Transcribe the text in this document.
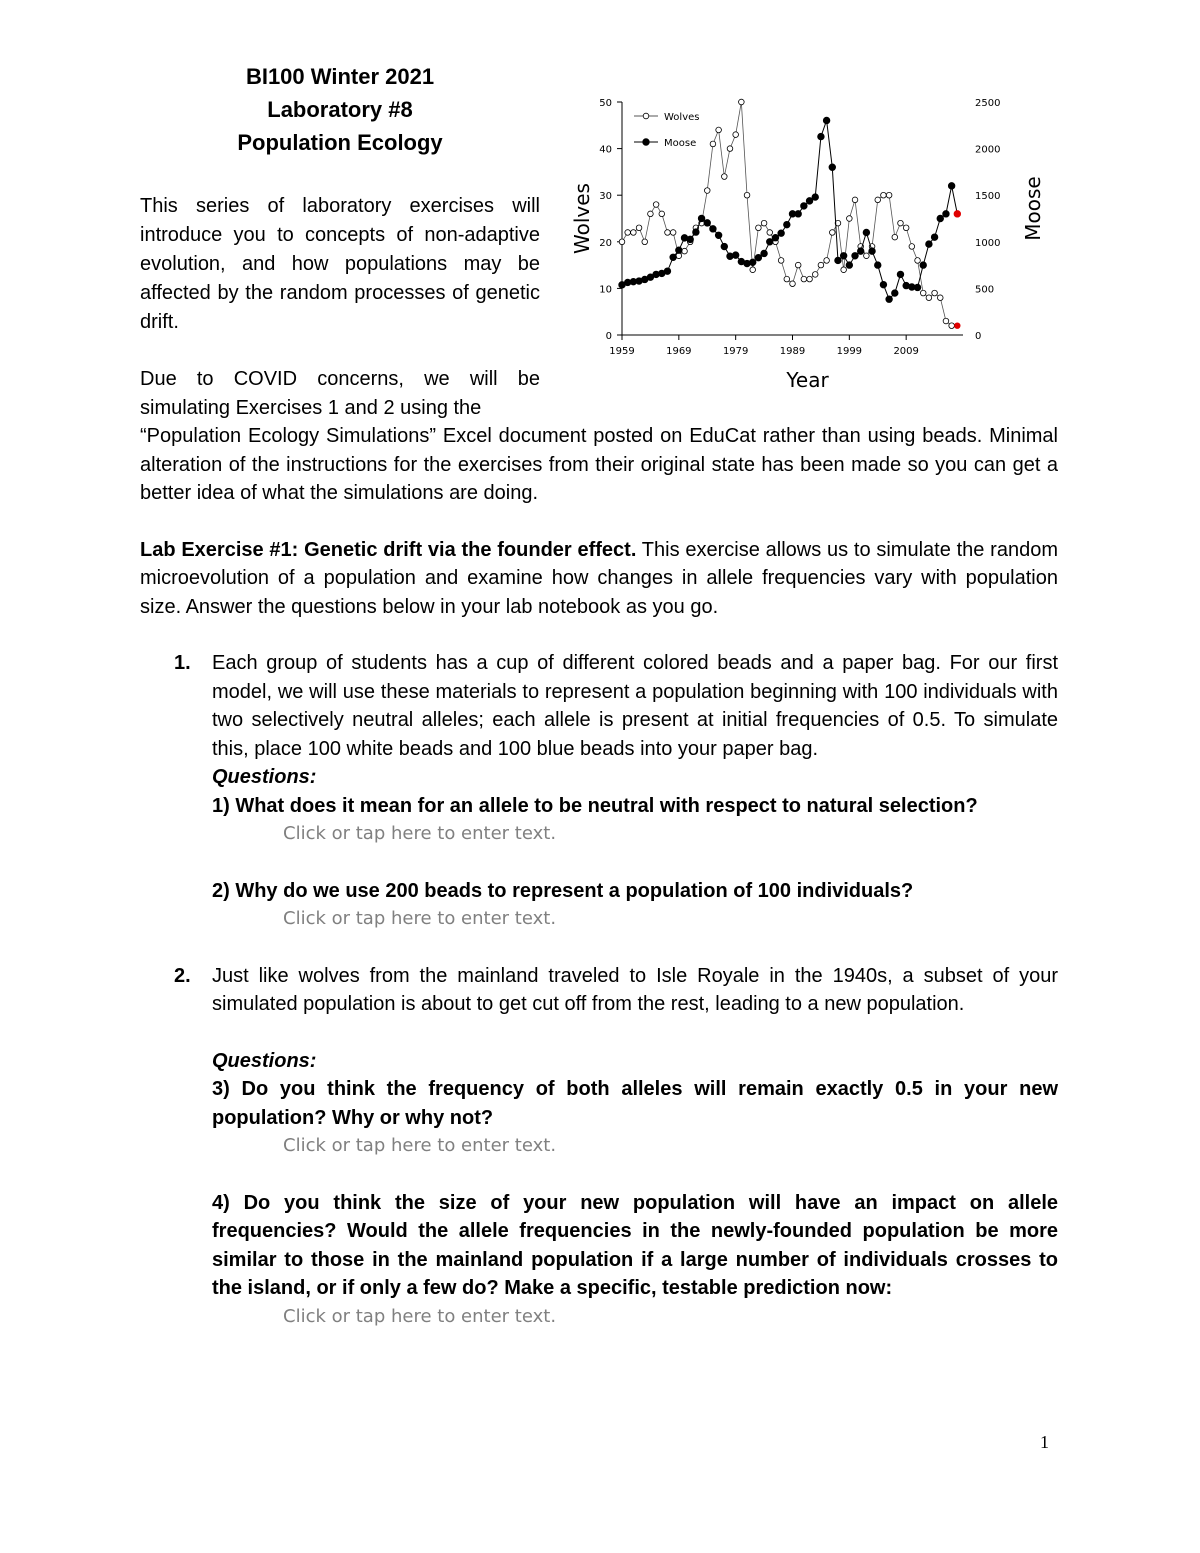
BI100 Winter 2021
Laboratory #8
Population Ecology

This series of laboratory exercises will introduce you to concepts of non-adaptive evolution, and how populations may be affected by the random processes of genetic drift.

Due to COVID concerns, we will be simulating Exercises 1 and 2 using the

0
10
20
30
40
50
0
500
1000
1500
2000
2500
1959	1969	1979	1989	1999	2009
Year
Wolves	Moose
Wolves
Moose

“Population Ecology Simulations” Excel document posted on EduCat rather than using beads. Minimal alteration of the instructions for the exercises from their original state has been made so you can get a better idea of what the simulations are doing.

Lab Exercise #1: Genetic drift via the founder effect. This exercise allows us to simulate the random microevolution of a population and examine how changes in allele frequencies vary with population size. Answer the questions below in your lab notebook as you go.

1. Each group of students has a cup of different colored beads and a paper bag. For our first model, we will use these materials to represent a population beginning with 100 individuals with two selectively neutral alleles; each allele is present at initial frequencies of 0.5. To simulate this, place 100 white beads and 100 blue beads into your paper bag.

Questions:
1) What does it mean for an allele to be neutral with respect to natural selection?
Click or tap here to enter text.
2) Why do we use 200 beads to represent a population of 100 individuals?
Click or tap here to enter text.
2. Just like wolves from the mainland traveled to Isle Royale in the 1940s, a subset of your simulated population is about to get cut off from the rest, leading to a new population.

Questions:

3) Do you think the frequency of both alleles will remain exactly 0.5 in your new population? Why or why not?

Click or tap here to enter text.

4) Do you think the size of your new population will have an impact on allele frequencies? Would the allele frequencies in the newly-founded population be more similar to those in the mainland population if a large number of individuals crosses to the island, or if only a few do? Make a specific, testable prediction now:

Click or tap here to enter text.
1
